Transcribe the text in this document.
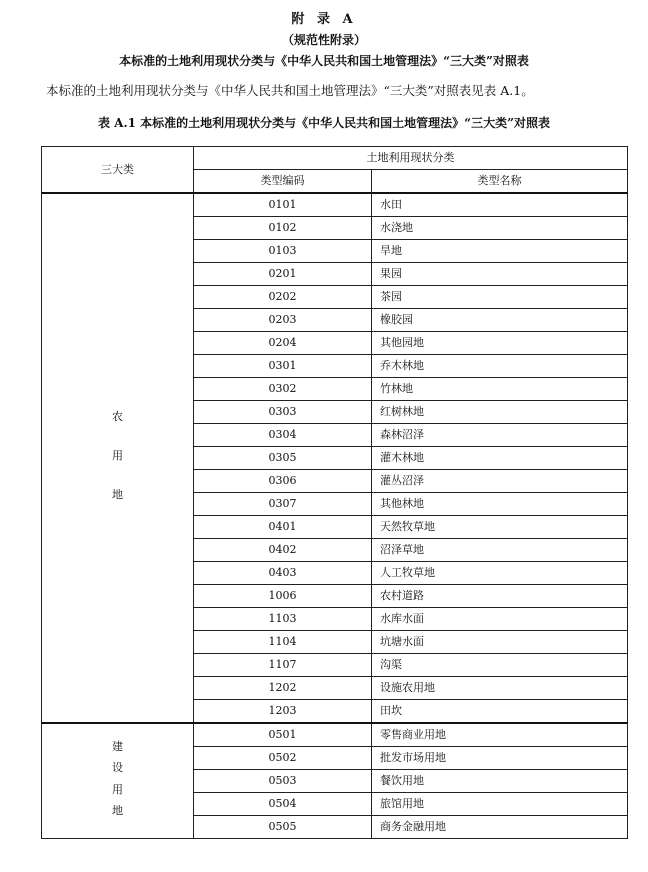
附 录 A
（规范性附录）
本标准的土地利用现状分类与《中华人民共和国土地管理法》“三大类”对照表
本标准的土地利用现状分类与《中华人民共和国土地管理法》“三大类”对照表见表 A.1。
表 A.1 本标准的土地利用现状分类与《中华人民共和国土地管理法》“三大类”对照表
三大类	土地利用现状分类	
	类型编码	类型名称

农
用
地	0101	水田
	0102	水浇地
	0103	旱地
	0201	果园
	0202	茶园
	0203	橡胶园
	0204	其他园地
	0301	乔木林地
	0302	竹林地
	0303	红树林地
	0304	森林沼泽
	0305	灌木林地
	0306	灌丛沼泽
	0307	其他林地
	0401	天然牧草地
	0402	沼泽草地
	0403	人工牧草地
	1006	农村道路
	1103	水库水面
	1104	坑塘水面
	1107	沟渠
	1202	设施农用地
	1203	田坎

建
设
用
地	0501	零售商业用地
	0502	批发市场用地
	0503	餐饮用地
	0504	旅馆用地
	0505	商务金融用地
